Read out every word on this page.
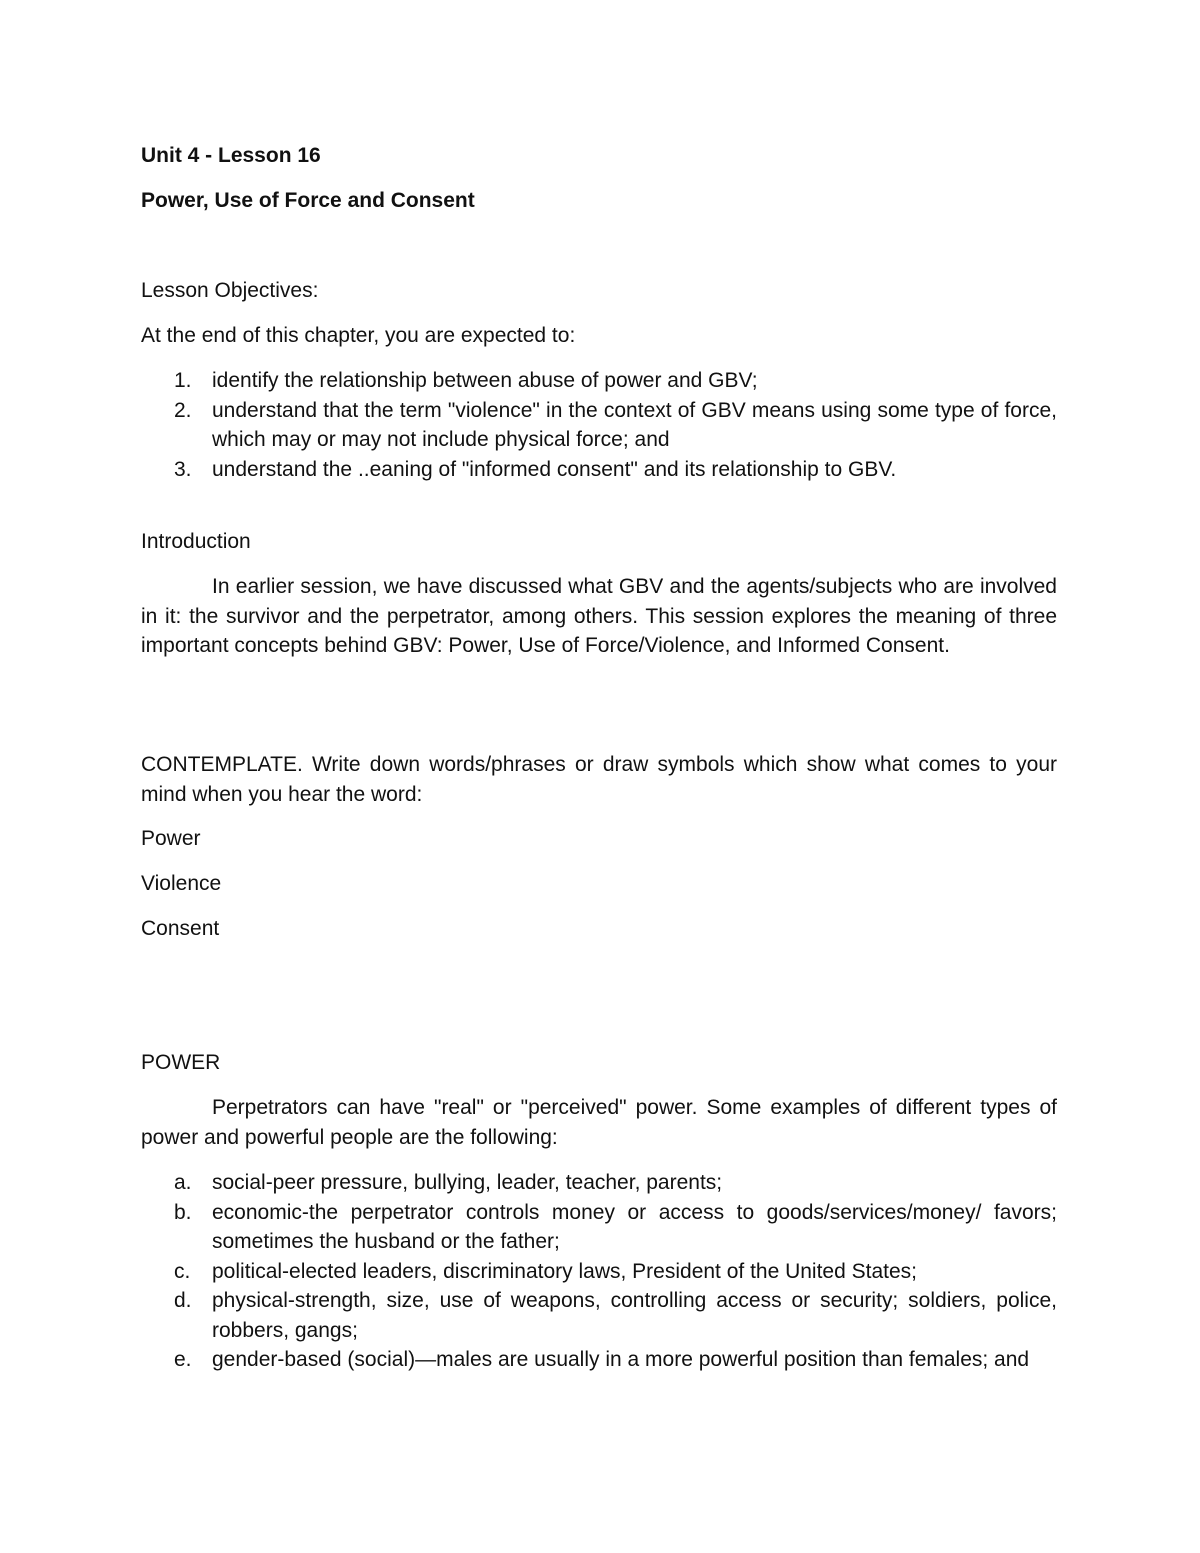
Unit 4 - Lesson 16
Power, Use of Force and Consent
Lesson Objectives:
At the end of this chapter, you are expected to:
1. identify the relationship between abuse of power and GBV;
2. understand that the term "violence" in the context of GBV means using some type of force, which may or may not include physical force; and
3. understand the ..eaning of "informed consent" and its relationship to GBV.
Introduction
In earlier session, we have discussed what GBV and the agents/subjects who are involved in it: the survivor and the perpetrator, among others. This session explores the meaning of three important concepts behind GBV: Power, Use of Force/Violence, and Informed Consent.
CONTEMPLATE. Write down words/phrases or draw symbols which show what comes to your mind when you hear the word:
Power
Violence
Consent
POWER
Perpetrators can have "real" or "perceived" power. Some examples of different types of power and powerful people are the following:
a. social-peer pressure, bullying, leader, teacher, parents;
b. economic-the perpetrator controls money or access to goods/services/money/ favors; sometimes the husband or the father;
c. political-elected leaders, discriminatory laws, President of the United States;
d. physical-strength, size, use of weapons, controlling access or security; soldiers, police, robbers, gangs;
e. gender-based (social)—males are usually in a more powerful position than females; and
